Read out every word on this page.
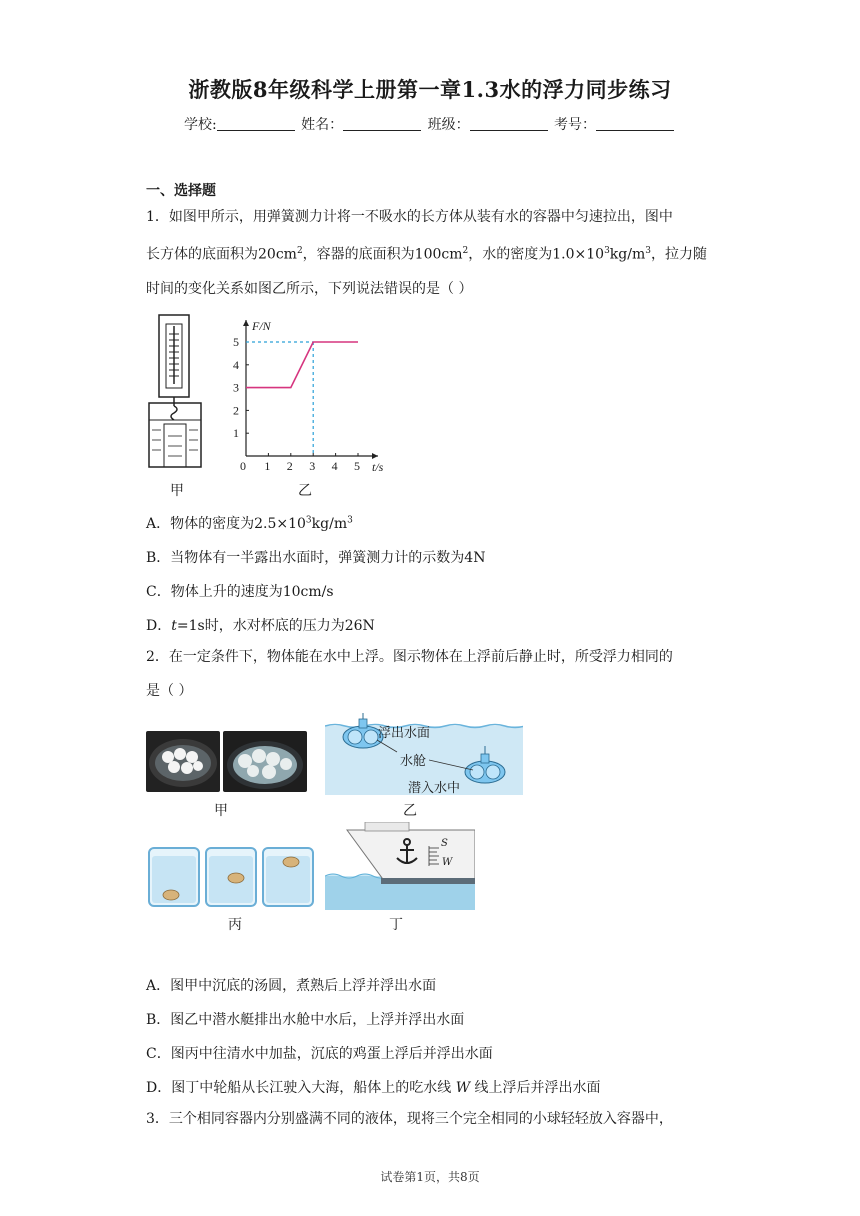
浙教版8年级科学上册第一章1.3水的浮力同步练习
学校:	姓名：	班级：	考号：
一、选择题
1．如图甲所示，用弹簧测力计将一不吸水的长方体从装有水的容器中匀速拉出，图中
长方体的底面积为$20cm^2$，容器的底面积为$100cm^2$，水的密度为$1.0\times 10^3kg/m^3$，拉力随
时间的变化关系如图乙所示，下列说法错误的是（ ）
甲
0 1 2 3 4 5
1
2
3
4
5
F/N
t/s
乙
A．物体的密度为$2.5\times 10^3kg/m^3$
B．当物体有一半露出水面时，弹簧测力计的示数为4N
C．物体上升的速度为10cm/s
D．t=1s时，水对杯底的压力为26N
2．在一定条件下，物体能在水中上浮。图示物体在上浮前后静止时，所受浮力相同的
是（ ）
甲
浮出水面
水舱
潜入水中
乙
丙
S
W
丁
A．图甲中沉底的汤圆，煮熟后上浮并浮出水面
B．图乙中潜水艇排出水舱中水后，上浮并浮出水面
C．图丙中往清水中加盐，沉底的鸡蛋上浮后并浮出水面
D．图丁中轮船从长江驶入大海，船体上的吃水线 W 线上浮后并浮出水面
3．三个相同容器内分别盛满不同的液体，现将三个完全相同的小球轻轻放入容器中，
试卷第1页，共8页
